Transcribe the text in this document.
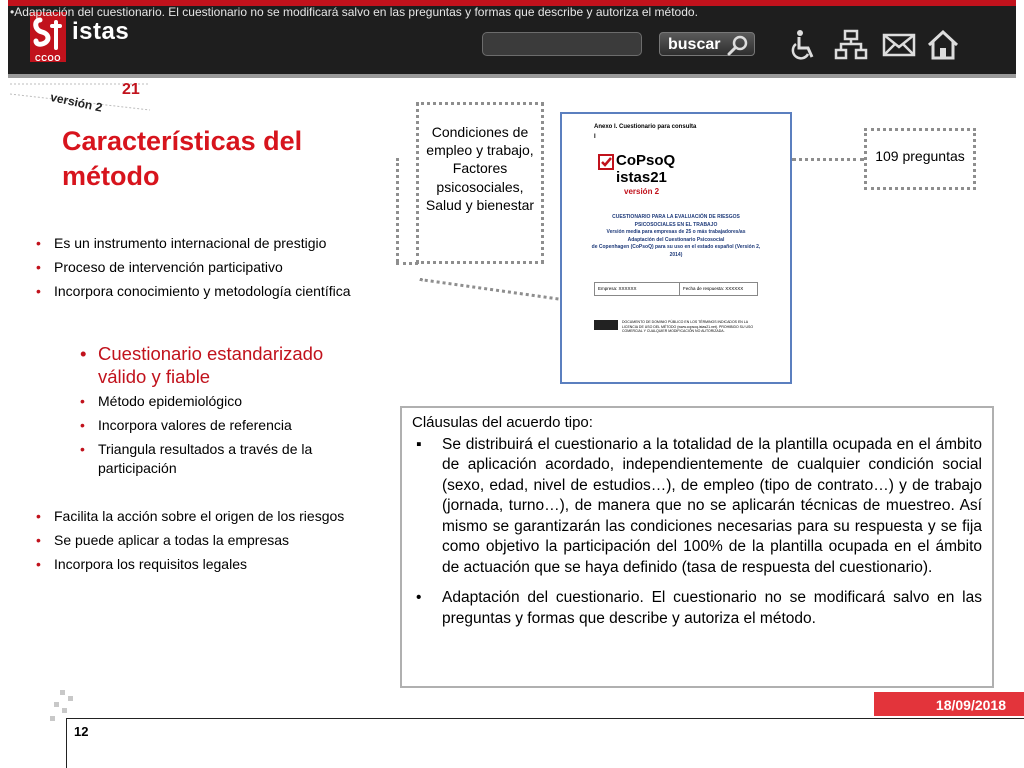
CCOO
istas	buscar
•Adaptación del cuestionario. El cuestionario no se modificará salvo en las preguntas y formas que describe y autoriza el método.
21
versión 2
Características del método
• Es un instrumento internacional de prestigio
• Proceso de intervención participativo
• Incorpora conocimiento y metodología científica
• Cuestionario estandarizado válido y fiable
• Método epidemiológico
• Incorpora valores de referencia
• Triangula resultados a través de la participación
• Facilita la acción sobre el origen de los riesgos
• Se puede aplicar a todas la empresas
• Incorpora los requisitos legales
Condiciones de empleo y trabajo, Factores psicosociales, Salud y bienestar
109 preguntas
Anexo I. Cuestionario para consulta
I
CoPsoQ
istas21
versión 2
CUESTIONARIO PARA LA EVALUACIÓN DE RIESGOS
PSICOSOCIALES EN EL TRABAJO
Versión media para empresas de 25 o más trabajadores/as
Adaptación del Cuestionario Psicosocial
de Copenhagen (CoPsoQ) para su uso en el estado español (Versión 2,
2014)
Empresa: XXXXXX	Fecha de respuesta: XXXXXX
DOCUMENTO DE DOMINIO PÚBLICO EN LOS TÉRMINOS INDICADOS EN LA LICENCIA DE USO DEL MÉTODO (www.copsoq.istas21.net). PROHIBIDO SU USO COMERCIAL Y CUALQUIER MODIFICACIÓN NO AUTORIZADA.
Cláusulas del acuerdo tipo:
▪ Se distribuirá el cuestionario a la totalidad de la plantilla ocupada en el ámbito de aplicación acordado, independientemente de cualquier condición social (sexo, edad, nivel de estudios…), de empleo (tipo de contrato…) y de trabajo (jornada, turno…), de manera que no se aplicarán técnicas de muestreo. Así mismo se garantizarán las condiciones necesarias para su respuesta y se fija como objetivo la participación del 100% de la plantilla ocupada en el ámbito de actuación que se haya definido (tasa de respuesta del cuestionario).
• Adaptación del cuestionario. El cuestionario no se modificará salvo en las preguntas y formas que describe y autoriza el método.
18/09/2018
12
